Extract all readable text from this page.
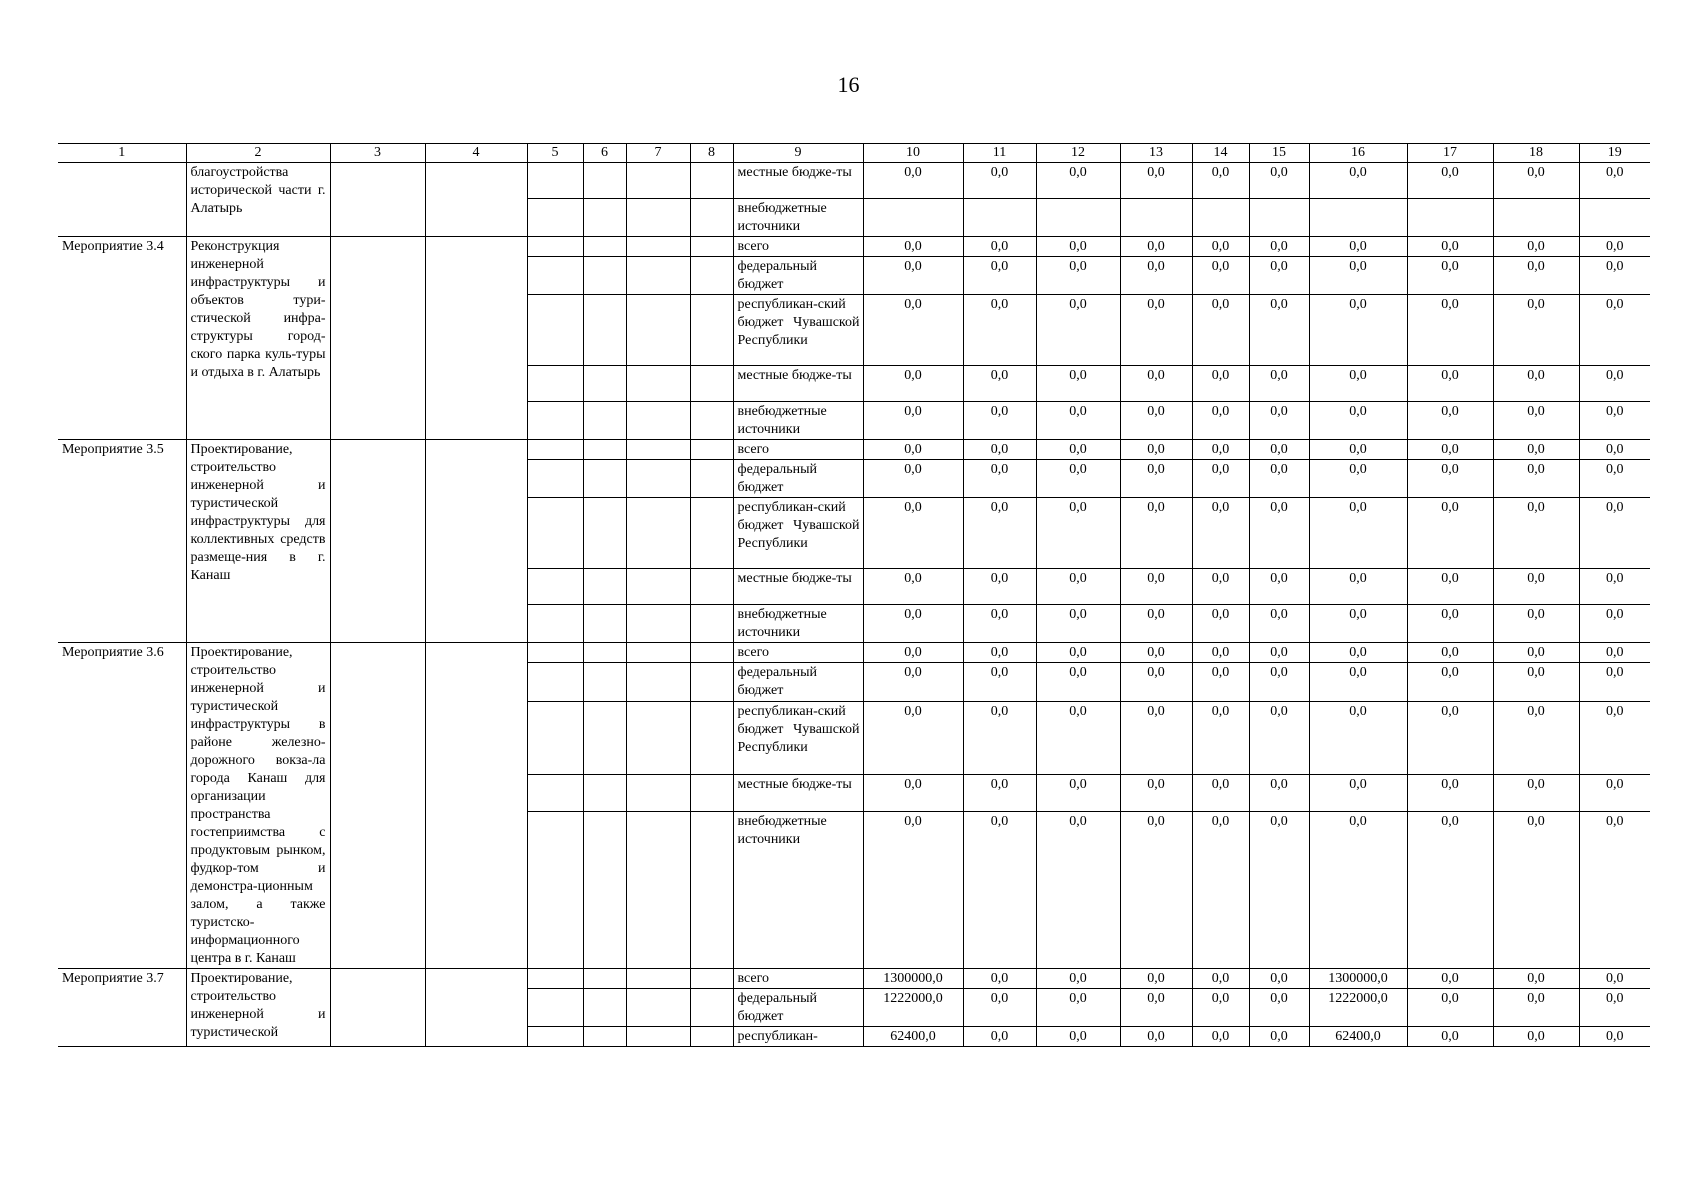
16
1	2	3	4	5	6	7	8	9	10	11	12	13	14	15	16	17	18	19
	благоустройства исторической части г. Алатырь							местные бюдже-ты	0,0	0,0	0,0	0,0	0,0	0,0	0,0	0,0	0,0	0,0
								внебюджетные источники										
Мероприятие 3.4	Реконструкция инженерной инфраструктуры и объектов тури-стической инфра-структуры город-ского парка куль-туры и отдыха в г. Алатырь							всего	0,0	0,0	0,0	0,0	0,0	0,0	0,0	0,0	0,0	0,0
								федеральный бюджет	0,0	0,0	0,0	0,0	0,0	0,0	0,0	0,0	0,0	0,0
								республикан-ский бюджет Чувашской Республики	0,0	0,0	0,0	0,0	0,0	0,0	0,0	0,0	0,0	0,0
								местные бюдже-ты	0,0	0,0	0,0	0,0	0,0	0,0	0,0	0,0	0,0	0,0
								внебюджетные источники	0,0	0,0	0,0	0,0	0,0	0,0	0,0	0,0	0,0	0,0
Мероприятие 3.5	Проектирование, строительство инженерной и туристической инфраструктуры для коллективных средств размеще-ния в г. Канаш							всего	0,0	0,0	0,0	0,0	0,0	0,0	0,0	0,0	0,0	0,0
								федеральный бюджет	0,0	0,0	0,0	0,0	0,0	0,0	0,0	0,0	0,0	0,0
								республикан-ский бюджет Чувашской Республики	0,0	0,0	0,0	0,0	0,0	0,0	0,0	0,0	0,0	0,0
								местные бюдже-ты	0,0	0,0	0,0	0,0	0,0	0,0	0,0	0,0	0,0	0,0
								внебюджетные источники	0,0	0,0	0,0	0,0	0,0	0,0	0,0	0,0	0,0	0,0
Мероприятие 3.6	Проектирование, строительство инженерной и туристической инфраструктуры в районе железно-дорожного вокза-ла города Канаш для организации пространства гостеприимства с продуктовым рынком, фудкор-том и демонстра-ционным залом, а также туристско-информационного центра в г. Канаш							всего	0,0	0,0	0,0	0,0	0,0	0,0	0,0	0,0	0,0	0,0
								федеральный бюджет	0,0	0,0	0,0	0,0	0,0	0,0	0,0	0,0	0,0	0,0
								республикан-ский бюджет Чувашской Республики	0,0	0,0	0,0	0,0	0,0	0,0	0,0	0,0	0,0	0,0
								местные бюдже-ты	0,0	0,0	0,0	0,0	0,0	0,0	0,0	0,0	0,0	0,0
								внебюджетные источники	0,0	0,0	0,0	0,0	0,0	0,0	0,0	0,0	0,0	0,0
Мероприятие 3.7	Проектирование, строительство инженерной и туристической							всего	1300000,0	0,0	0,0	0,0	0,0	0,0	1300000,0	0,0	0,0	0,0
								федеральный бюджет	1222000,0	0,0	0,0	0,0	0,0	0,0	1222000,0	0,0	0,0	0,0
								республикан-	62400,0	0,0	0,0	0,0	0,0	0,0	62400,0	0,0	0,0	0,0
